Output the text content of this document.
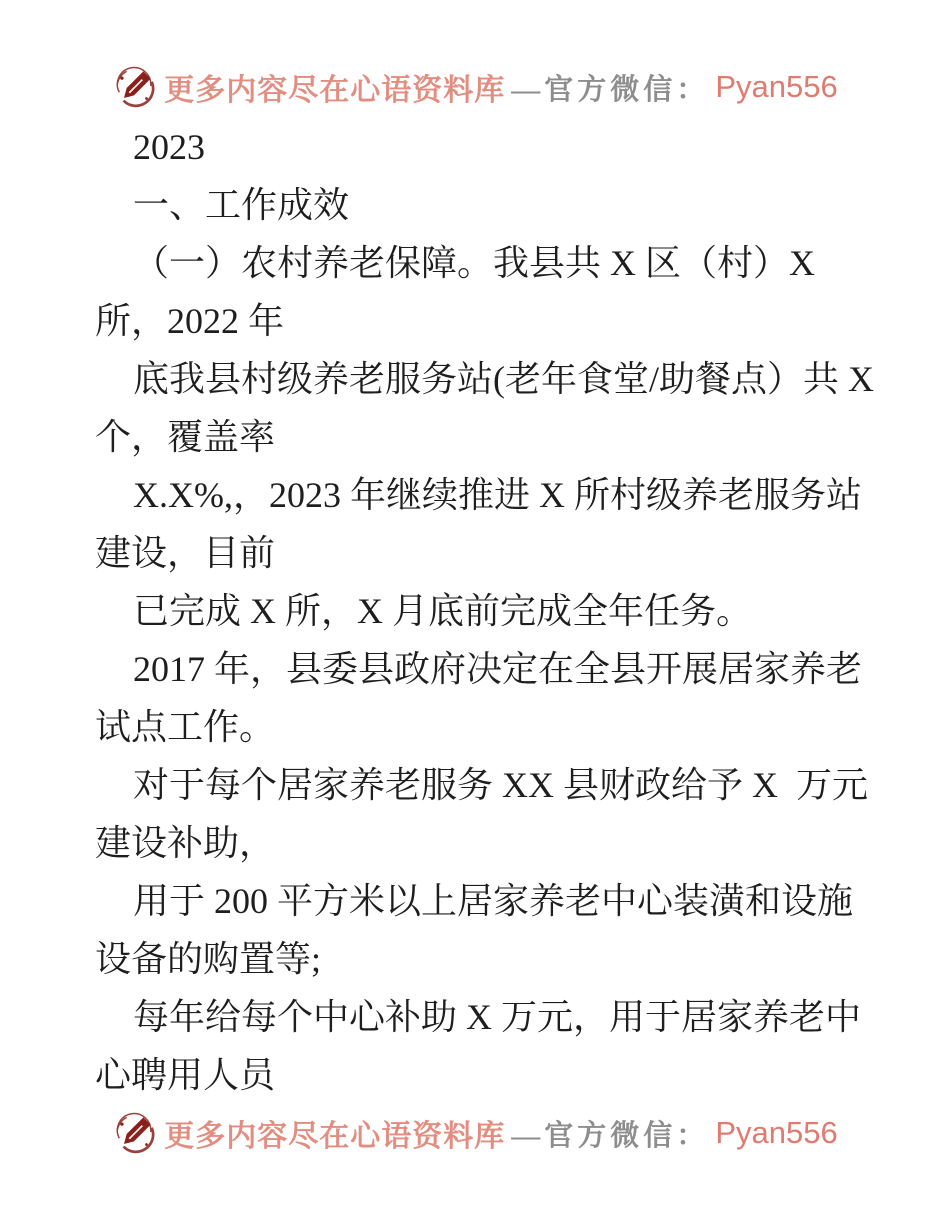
更多内容尽在心语资料库 —官方微信： Pyan556
2023
一、工作成效
（一）农村养老保障。我县共 X 区（村）X
所，2022 年
底我县村级养老服务站(老年食堂/助餐点）共 X
个，覆盖率
X.X%,，2023 年继续推进 X 所村级养老服务站
建设，目前
已完成 X 所，X 月底前完成全年任务。
2017 年，县委县政府决定在全县开展居家养老
试点工作。
对于每个居家养老服务 XX 县财政给予 X  万元
建设补助，
用于 200 平方米以上居家养老中心装潢和设施
设备的购置等;
每年给每个中心补助 X 万元，用于居家养老中
心聘用人员
更多内容尽在心语资料库 —官方微信： Pyan556
